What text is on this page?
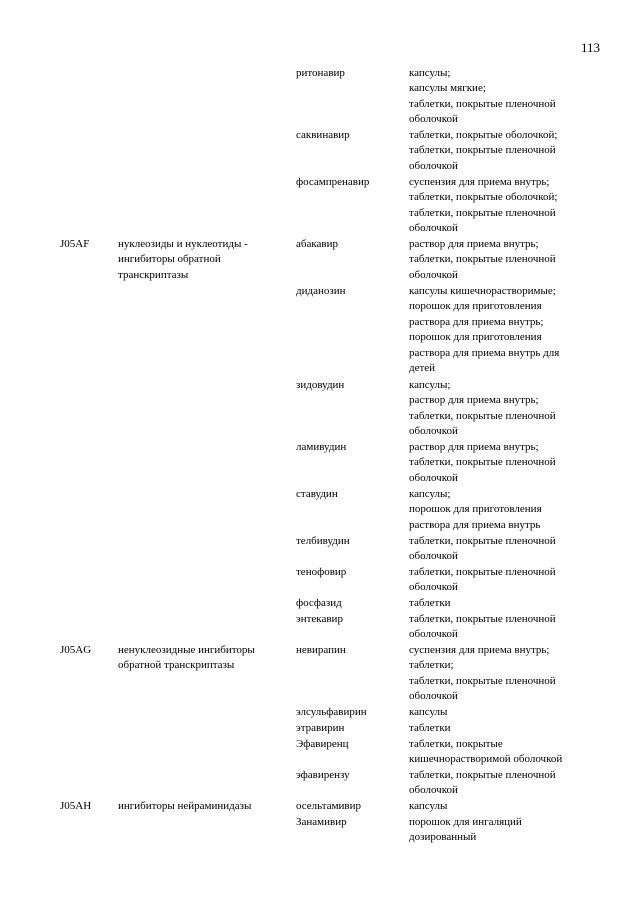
113
ритонавир	капсулы;
капсулы мягкие;
таблетки, покрытые пленочной
оболочкой
саквинавир	таблетки, покрытые оболочкой;
таблетки, покрытые пленочной
оболочкой
фосампренавир	суспензия для приема внутрь;
таблетки, покрытые оболочкой;
таблетки, покрытые пленочной
оболочкой
J05AF	нуклеозиды и нуклеотиды -
ингибиторы обратной
транскриптазы
абакавир	раствор для приема внутрь;
таблетки, покрытые пленочной
оболочкой
диданозин	капсулы кишечнорастворимые;
порошок для приготовления
раствора для приема внутрь;
порошок для приготовления
раствора для приема внутрь для
детей
зидовудин	капсулы;
раствор для приема внутрь;
таблетки, покрытые пленочной
оболочкой
ламивудин	раствор для приема внутрь;
таблетки, покрытые пленочной
оболочкой
ставудин	капсулы;
порошок для приготовления
раствора для приема внутрь
телбивудин	таблетки, покрытые пленочной
оболочкой
тенофовир	таблетки, покрытые пленочной
оболочкой
фосфазид	таблетки
энтекавир	таблетки, покрытые пленочной
оболочкой
J05AG ненуклеозидные ингибиторы
обратной транскриптазы
невирапин	суспензия для приема внутрь;
таблетки;
таблетки, покрытые пленочной
оболочкой
элсульфавирин	капсулы
этравирин	таблетки
Эфавиренц	таблетки, покрытые
кишечнорастворимой оболочкой
эфавирензу	таблетки, покрытые пленочной
оболочкой
J05AH ингибиторы нейраминидазы	осельтамивир	капсулы
Занамивир	порошок для ингаляций
дозированный
